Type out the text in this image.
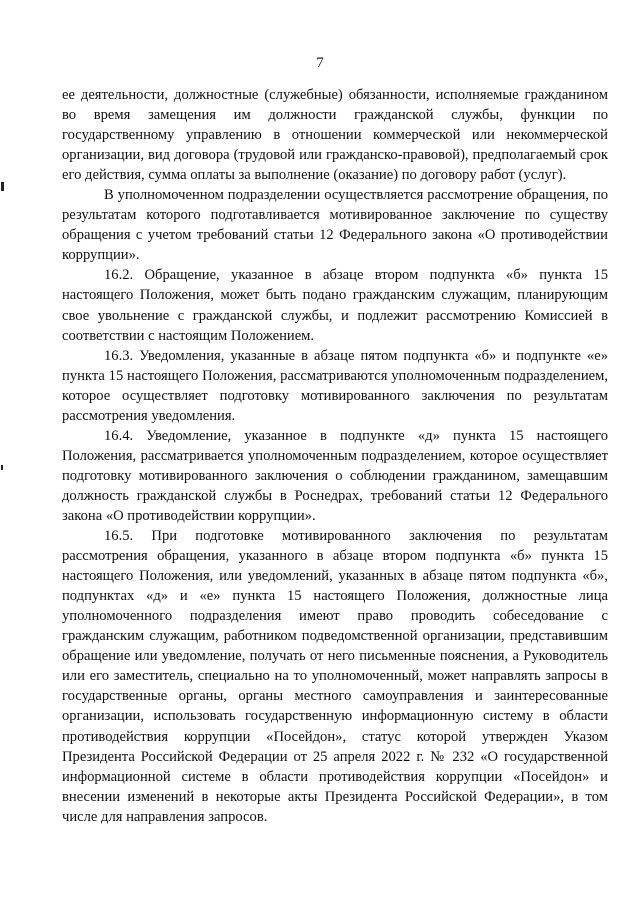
7

ее деятельности, должностные (служебные) обязанности, исполняемые гражданином во время замещения им должности гражданской службы, функции по государственному управлению в отношении коммерческой или некоммерческой организации, вид договора (трудовой или гражданско-правовой), предполагаемый срок его действия, сумма оплаты за выполнение (оказание) по договору работ (услуг).

В уполномоченном подразделении осуществляется рассмотрение обращения, по результатам которого подготавливается мотивированное заключение по существу обращения с учетом требований статьи 12 Федерального закона «О противодействии коррупции».

16.2. Обращение, указанное в абзаце втором подпункта «б» пункта 15 настоящего Положения, может быть подано гражданским служащим, планирующим свое увольнение с гражданской службы, и подлежит рассмотрению Комиссией в соответствии с настоящим Положением.

16.3. Уведомления, указанные в абзаце пятом подпункта «б» и подпункте «е» пункта 15 настоящего Положения, рассматриваются уполномоченным подразделением, которое осуществляет подготовку мотивированного заключения по результатам рассмотрения уведомления.

16.4. Уведомление, указанное в подпункте «д» пункта 15 настоящего Положения, рассматривается уполномоченным подразделением, которое осуществляет подготовку мотивированного заключения о соблюдении гражданином, замещавшим должность гражданской службы в Роснедрах, требований статьи 12 Федерального закона «О противодействии коррупции».

16.5. При подготовке мотивированного заключения по результатам рассмотрения обращения, указанного в абзаце втором подпункта «б» пункта 15 настоящего Положения, или уведомлений, указанных в абзаце пятом подпункта «б», подпунктах «д» и «е» пункта 15 настоящего Положения, должностные лица уполномоченного подразделения имеют право проводить собеседование с гражданским служащим, работником подведомственной организации, представившим обращение или уведомление, получать от него письменные пояснения, а Руководитель или его заместитель, специально на то уполномоченный, может направлять запросы в государственные органы, органы местного самоуправления и заинтересованные организации, использовать государственную информационную систему в области противодействия коррупции «Посейдон», статус которой утвержден Указом Президента Российской Федерации от 25 апреля 2022 г. № 232 «О государственной информационной системе в области противодействия коррупции «Посейдон» и внесении изменений в некоторые акты Президента Российской Федерации», в том числе для направления запросов.
